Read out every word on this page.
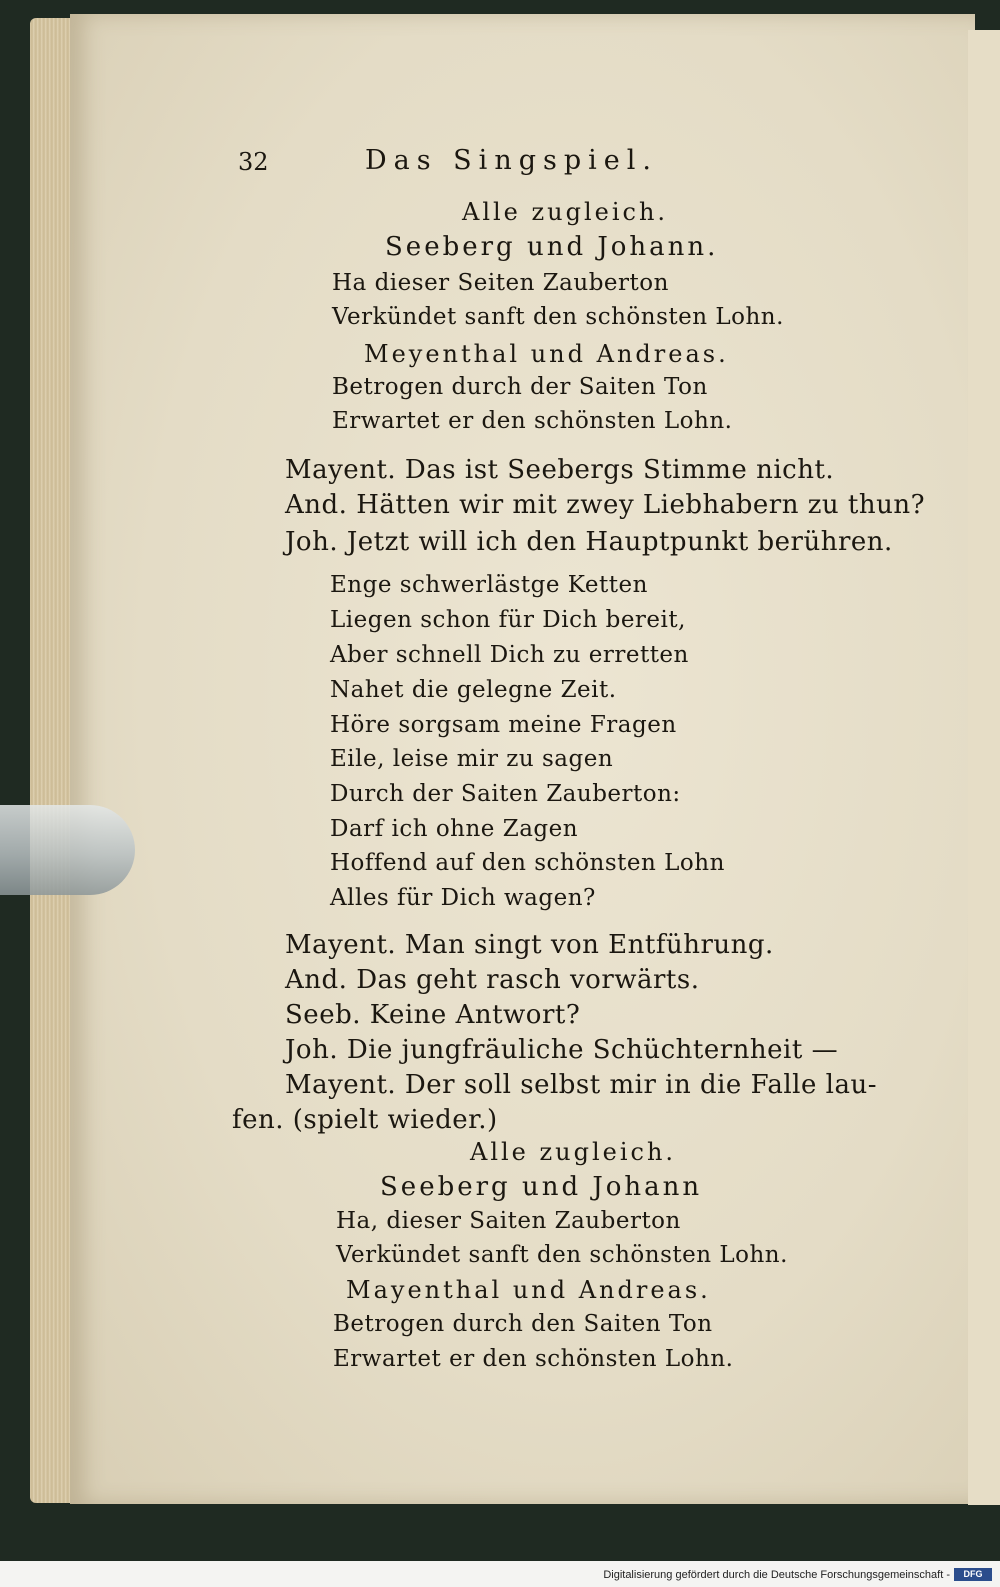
32	Das Singspiel.
Alle zugleich.
Seeberg und Johann.
Ha dieser Seiten Zauberton
Verkündet sanft den schönsten Lohn.
Meyenthal und Andreas.
Betrogen durch der Saiten Ton
Erwartet er den schönsten Lohn.
Mayent. Das ist Seebergs Stimme nicht.
And. Hätten wir mit zwey Liebhabern zu thun?
Joh. Jetzt will ich den Hauptpunkt berühren.
Enge schwerlästge Ketten
Liegen schon für Dich bereit,
Aber schnell Dich zu erretten
Nahet die gelegne Zeit.
Höre sorgsam meine Fragen
Eile, leise mir zu sagen
Durch der Saiten Zauberton:
Darf ich ohne Zagen
Hoffend auf den schönsten Lohn
Alles für Dich wagen?
Mayent. Man singt von Entführung.
And. Das geht rasch vorwärts.
Seeb. Keine Antwort?
Joh. Die jungfräuliche Schüchternheit —
Mayent. Der soll selbst mir in die Falle lau-
fen. (spielt wieder.)
Alle zugleich.
Seeberg und Johann
Ha, dieser Saiten Zauberton
Verkündet sanft den schönsten Lohn.
Mayenthal und Andreas.
Betrogen durch den Saiten Ton
Erwartet er den schönsten Lohn.
Digitalisierung gefördert durch die Deutsche Forschungsgemeinschaft -	DFG
